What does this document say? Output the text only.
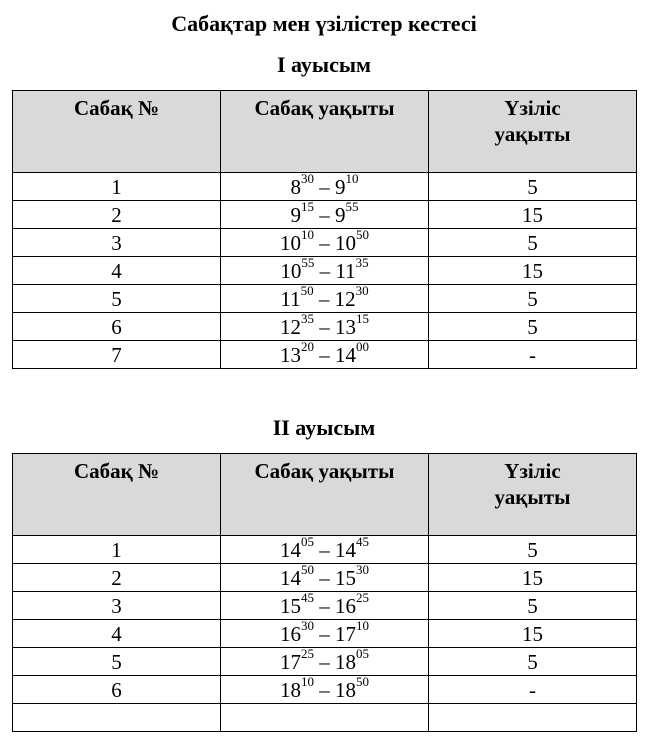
Сабақтар мен үзілістер кестесі
I ауысым
Сабақ №	Сабақ уақыты	Үзіліс
уақыты
1	$8^{30} - 9^{10}$	5
2	$9^{15} - 9^{55}$	15
3	$10^{10} - 10^{50}$	5
4	$10^{55} - 11^{35}$	15
5	$11^{50} - 12^{30}$	5
6	$12^{35} - 13^{15}$	5
7	$13^{20} - 14^{00}$	-
II ауысым
Сабақ №	Сабақ уақыты	Үзіліс
уақыты
1	$14^{05} - 14^{45}$	5
2	$14^{50} - 15^{30}$	15
3	$15^{45} - 16^{25}$	5
4	$16^{30} - 17^{10}$	15
5	$17^{25} - 18^{05}$	5
6	$18^{10} - 18^{50}$	-
